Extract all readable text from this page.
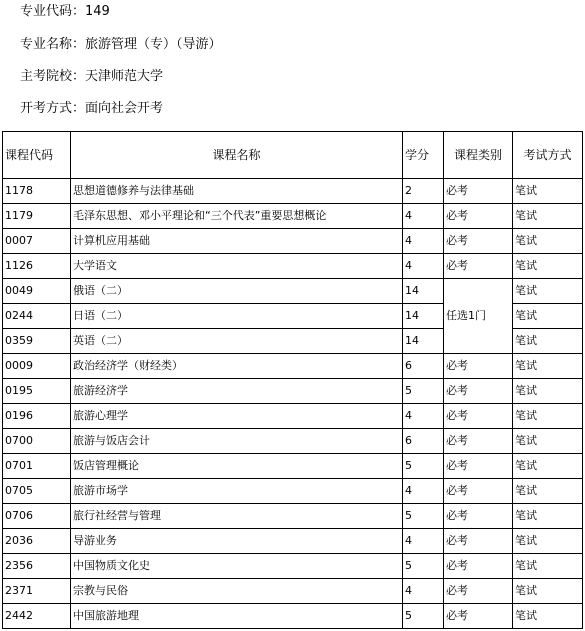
专业代码：149
专业名称：旅游管理（专）（导游）
主考院校：天津师范大学
开考方式：面向社会开考
课程代码	课程名称	学分	课程类别	考试方式
1178	思想道德修养与法律基础	2	必考	笔试
1179	毛泽东思想、邓小平理论和“三个代表”重要思想概论	4	必考	笔试
0007	计算机应用基础	4	必考	笔试
1126	大学语文	4	必考	笔试
0049	俄语（二）	14	任选1门	笔试
0244	日语（二）	14		笔试
0359	英语（二）	14		笔试
0009	政治经济学（财经类）	6	必考	笔试
0195	旅游经济学	5	必考	笔试
0196	旅游心理学	4	必考	笔试
0700	旅游与饭店会计	6	必考	笔试
0701	饭店管理概论	5	必考	笔试
0705	旅游市场学	4	必考	笔试
0706	旅行社经营与管理	5	必考	笔试
2036	导游业务	4	必考	笔试
2356	中国物质文化史	5	必考	笔试
2371	宗教与民俗	4	必考	笔试
2442	中国旅游地理	5	必考	笔试
